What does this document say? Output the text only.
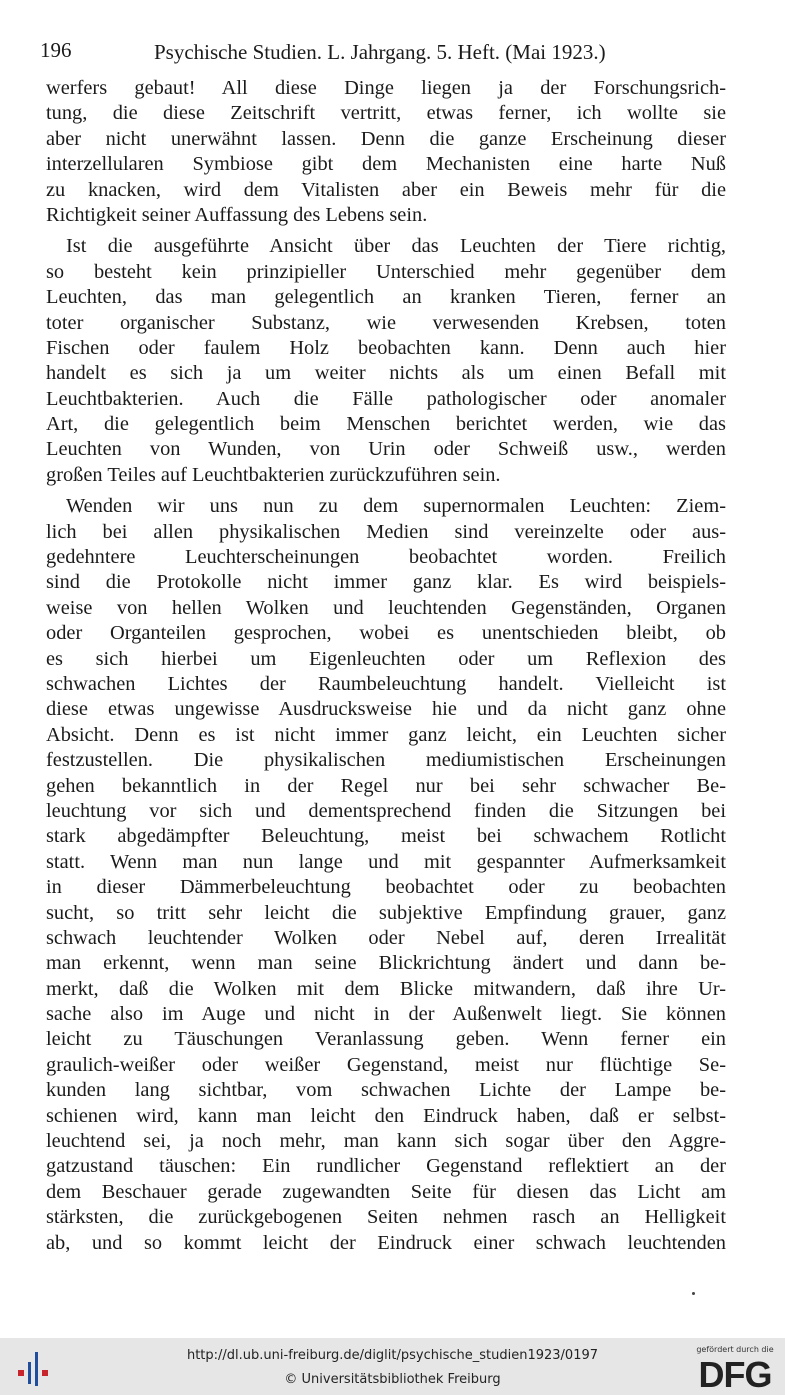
196	Psychische Studien. L. Jahrgang. 5. Heft. (Mai 1923.)
werfers gebaut! All diese Dinge liegen ja der Forschungsrich-
tung, die diese Zeitschrift vertritt, etwas ferner, ich wollte sie
aber nicht unerwähnt lassen. Denn die ganze Erscheinung dieser
interzellularen Symbiose gibt dem Mechanisten eine harte Nuß
zu knacken, wird dem Vitalisten aber ein Beweis mehr für die
Richtigkeit seiner Auffassung des Lebens sein.
Ist die ausgeführte Ansicht über das Leuchten der Tiere richtig,
so besteht kein prinzipieller Unterschied mehr gegenüber dem
Leuchten, das man gelegentlich an kranken Tieren, ferner an
toter organischer Substanz, wie verwesenden Krebsen, toten
Fischen oder faulem Holz beobachten kann. Denn auch hier
handelt es sich ja um weiter nichts als um einen Befall mit
Leuchtbakterien. Auch die Fälle pathologischer oder anomaler
Art, die gelegentlich beim Menschen berichtet werden, wie das
Leuchten von Wunden, von Urin oder Schweiß usw., werden
großen Teiles auf Leuchtbakterien zurückzuführen sein.
Wenden wir uns nun zu dem supernormalen Leuchten: Ziem-
lich bei allen physikalischen Medien sind vereinzelte oder aus-
gedehntere Leuchterscheinungen beobachtet worden. Freilich
sind die Protokolle nicht immer ganz klar. Es wird beispiels-
weise von hellen Wolken und leuchtenden Gegenständen, Organen
oder Organteilen gesprochen, wobei es unentschieden bleibt, ob
es sich hierbei um Eigenleuchten oder um Reflexion des
schwachen Lichtes der Raumbeleuchtung handelt. Vielleicht ist
diese etwas ungewisse Ausdrucksweise hie und da nicht ganz ohne
Absicht. Denn es ist nicht immer ganz leicht, ein Leuchten sicher
festzustellen. Die physikalischen mediumistischen Erscheinungen
gehen bekanntlich in der Regel nur bei sehr schwacher Be-
leuchtung vor sich und dementsprechend finden die Sitzungen bei
stark abgedämpfter Beleuchtung, meist bei schwachem Rotlicht
statt. Wenn man nun lange und mit gespannter Aufmerksamkeit
in dieser Dämmerbeleuchtung beobachtet oder zu beobachten
sucht, so tritt sehr leicht die subjektive Empfindung grauer, ganz
schwach leuchtender Wolken oder Nebel auf, deren Irrealität
man erkennt, wenn man seine Blickrichtung ändert und dann be-
merkt, daß die Wolken mit dem Blicke mitwandern, daß ihre Ur-
sache also im Auge und nicht in der Außenwelt liegt. Sie können
leicht zu Täuschungen Veranlassung geben. Wenn ferner ein
graulich-weißer oder weißer Gegenstand, meist nur flüchtige Se-
kunden lang sichtbar, vom schwachen Lichte der Lampe be-
schienen wird, kann man leicht den Eindruck haben, daß er selbst-
leuchtend sei, ja noch mehr, man kann sich sogar über den Aggre-
gatzustand täuschen: Ein rundlicher Gegenstand reflektiert an der
dem Beschauer gerade zugewandten Seite für diesen das Licht am
stärksten, die zurückgebogenen Seiten nehmen rasch an Helligkeit
ab, und so kommt leicht der Eindruck einer schwach leuchtenden
http://dl.ub.uni-freiburg.de/diglit/psychische_studien1923/0197
© Universitätsbibliothek Freiburg
gefördert durch die
DFG
